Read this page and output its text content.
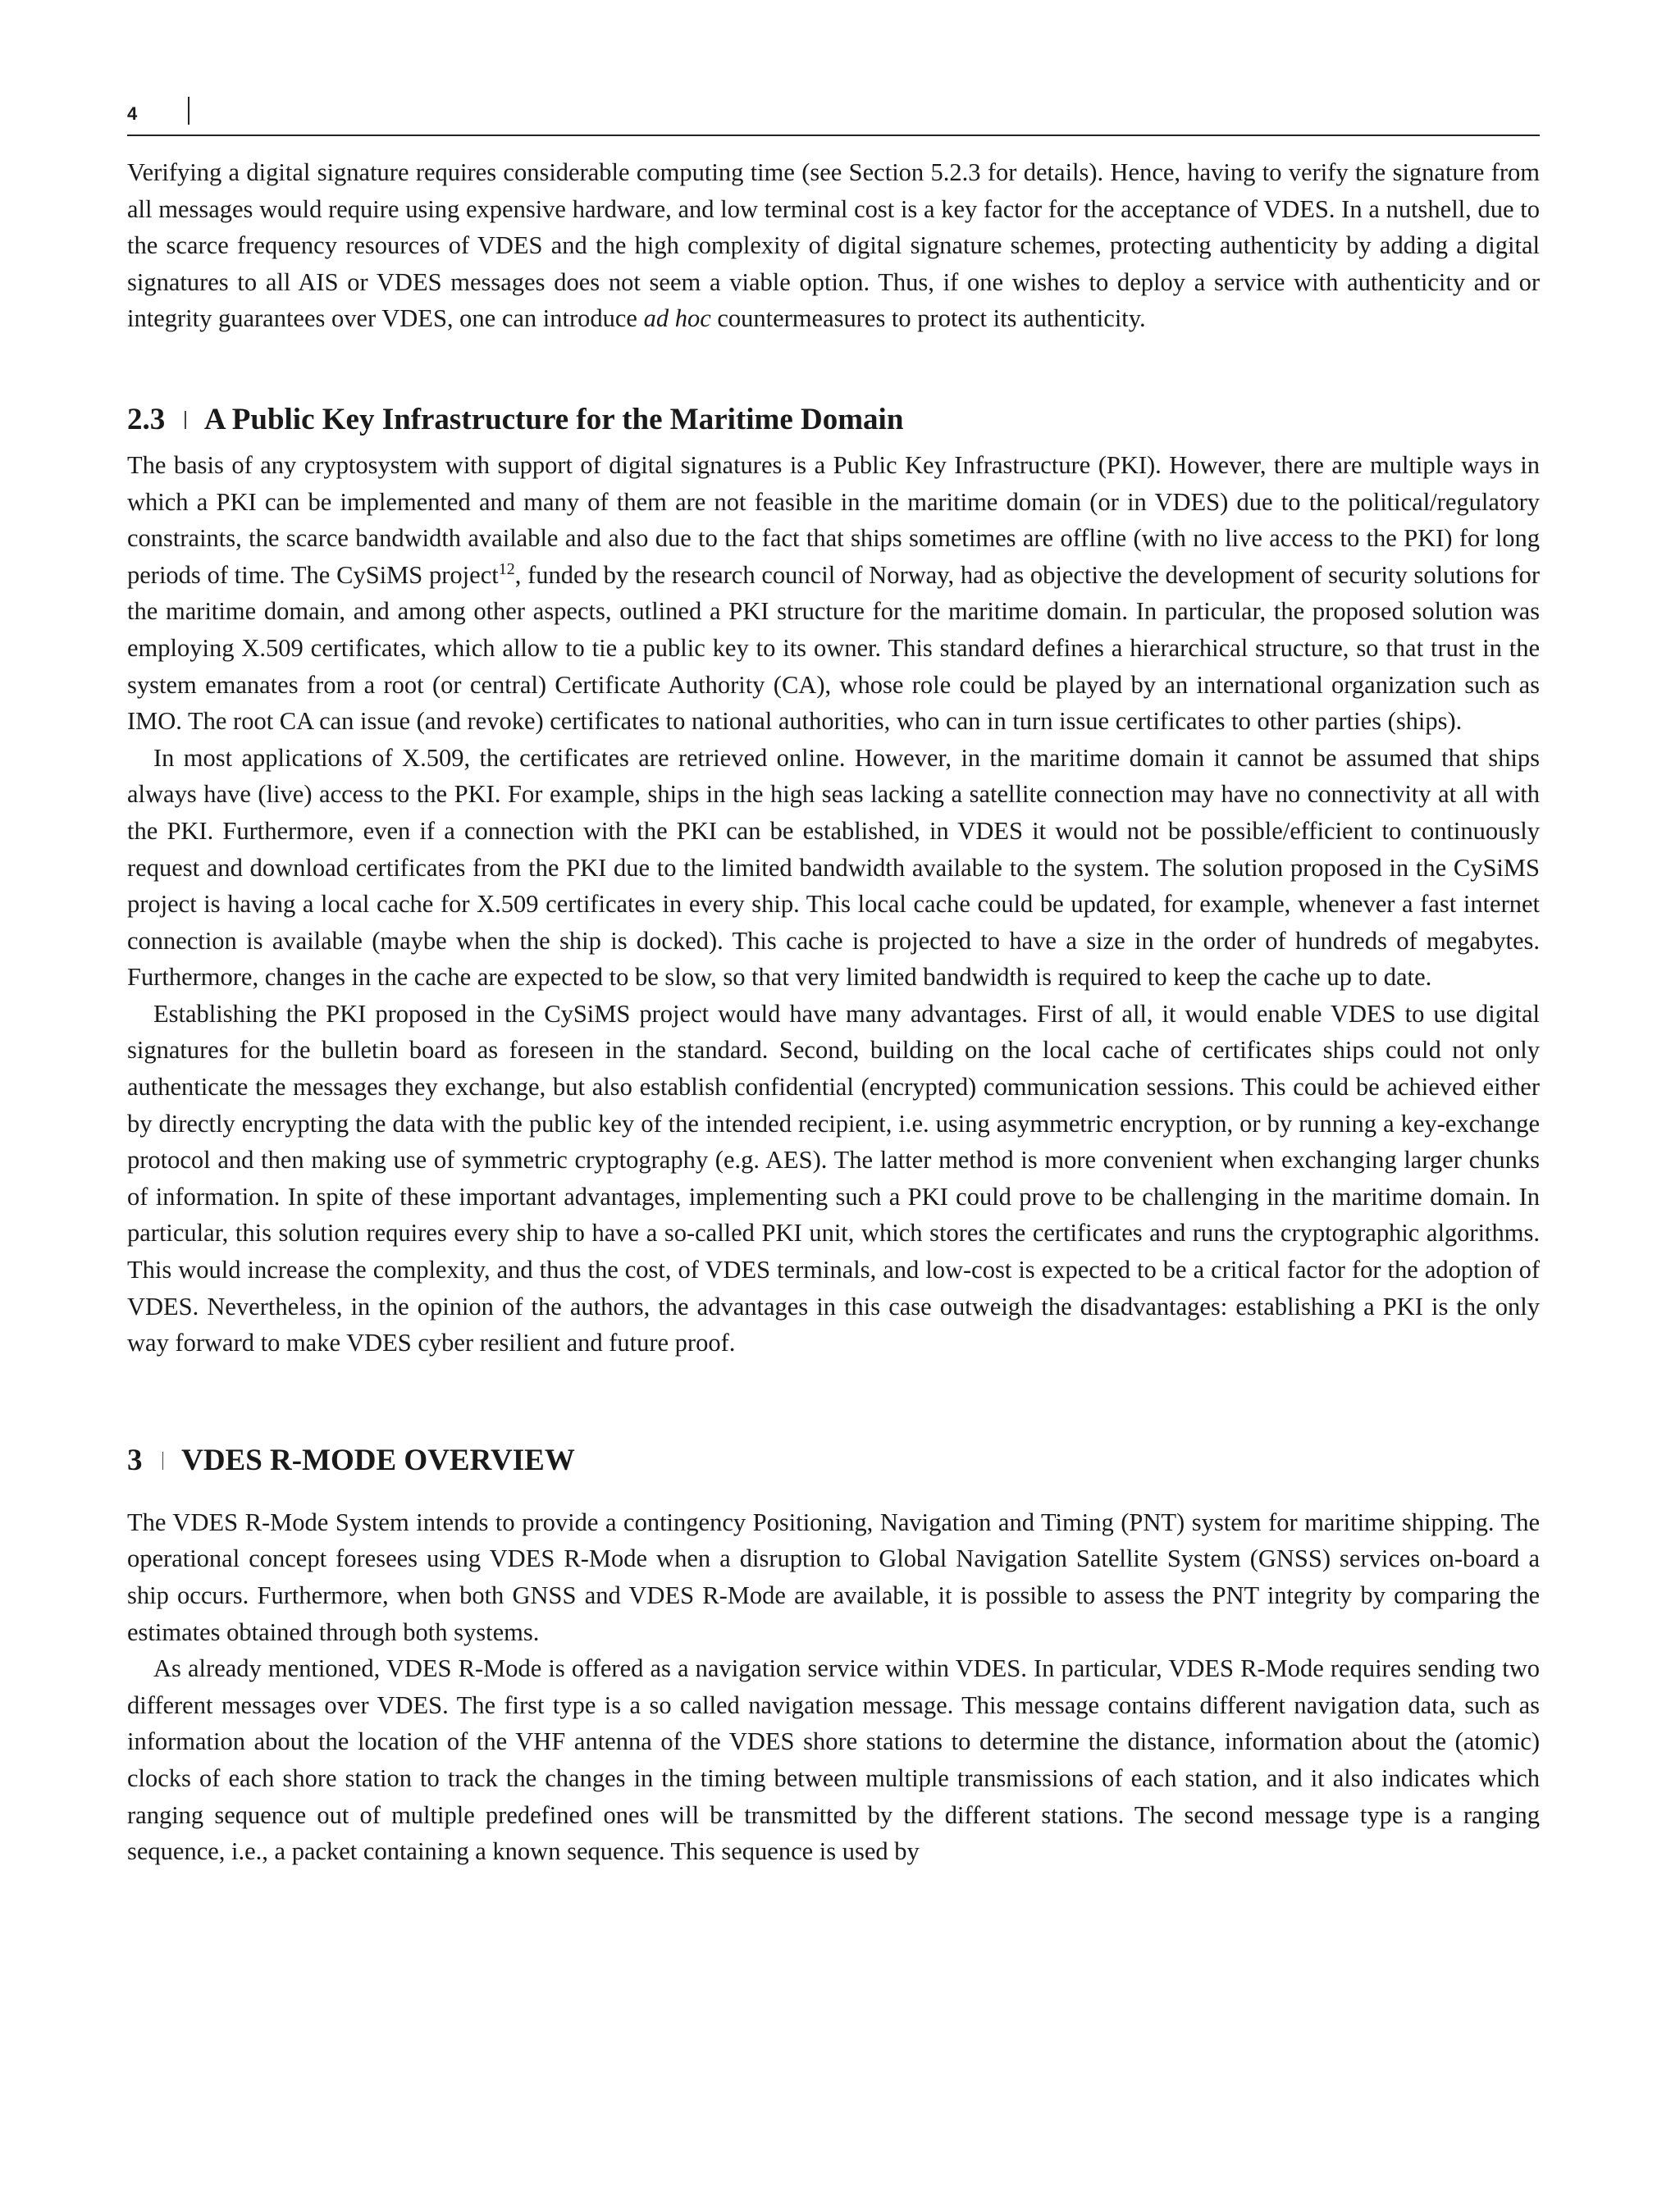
4

Verifying a digital signature requires considerable computing time (see Section 5.2.3 for details). Hence, having to verify the signature from all messages would require using expensive hardware, and low terminal cost is a key factor for the acceptance of VDES. In a nutshell, due to the scarce frequency resources of VDES and the high complexity of digital signature schemes, protecting authenticity by adding a digital signatures to all AIS or VDES messages does not seem a viable option. Thus, if one wishes to deploy a service with authenticity and or integrity guarantees over VDES, one can introduce ad hoc countermeasures to protect its authenticity.

2.3 A Public Key Infrastructure for the Maritime Domain

The basis of any cryptosystem with support of digital signatures is a Public Key Infrastructure (PKI). However, there are multiple ways in which a PKI can be implemented and many of them are not feasible in the maritime domain (or in VDES) due to the political/regulatory constraints, the scarce bandwidth available and also due to the fact that ships sometimes are offline (with no live access to the PKI) for long periods of time. The CySiMS project$^{12}$, funded by the research council of Norway, had as objective the development of security solutions for the maritime domain, and among other aspects, outlined a PKI structure for the maritime domain. In particular, the proposed solution was employing X.509 certificates, which allow to tie a public key to its owner. This standard defines a hierarchical structure, so that trust in the system emanates from a root (or central) Certificate Authority (CA), whose role could be played by an international organization such as IMO. The root CA can issue (and revoke) certificates to national authorities, who can in turn issue certificates to other parties (ships).

In most applications of X.509, the certificates are retrieved online. However, in the maritime domain it cannot be assumed that ships always have (live) access to the PKI. For example, ships in the high seas lacking a satellite connection may have no connectivity at all with the PKI. Furthermore, even if a connection with the PKI can be established, in VDES it would not be possible/efficient to continuously request and download certificates from the PKI due to the limited bandwidth available to the system. The solution proposed in the CySiMS project is having a local cache for X.509 certificates in every ship. This local cache could be updated, for example, whenever a fast internet connection is available (maybe when the ship is docked). This cache is projected to have a size in the order of hundreds of megabytes. Furthermore, changes in the cache are expected to be slow, so that very limited bandwidth is required to keep the cache up to date.

Establishing the PKI proposed in the CySiMS project would have many advantages. First of all, it would enable VDES to use digital signatures for the bulletin board as foreseen in the standard. Second, building on the local cache of certificates ships could not only authenticate the messages they exchange, but also establish confidential (encrypted) communication sessions. This could be achieved either by directly encrypting the data with the public key of the intended recipient, i.e. using asymmetric encryption, or by running a key-exchange protocol and then making use of symmetric cryptography (e.g. AES). The latter method is more convenient when exchanging larger chunks of information. In spite of these important advantages, implementing such a PKI could prove to be challenging in the maritime domain. In particular, this solution requires every ship to have a so-called PKI unit, which stores the certificates and runs the cryptographic algorithms. This would increase the complexity, and thus the cost, of VDES terminals, and low-cost is expected to be a critical factor for the adoption of VDES. Nevertheless, in the opinion of the authors, the advantages in this case outweigh the disadvantages: establishing a PKI is the only way forward to make VDES cyber resilient and future proof.

3 VDES R-MODE OVERVIEW

The VDES R-Mode System intends to provide a contingency Positioning, Navigation and Timing (PNT) system for maritime shipping. The operational concept foresees using VDES R-Mode when a disruption to Global Navigation Satellite System (GNSS) services on-board a ship occurs. Furthermore, when both GNSS and VDES R-Mode are available, it is possible to assess the PNT integrity by comparing the estimates obtained through both systems.

As already mentioned, VDES R-Mode is offered as a navigation service within VDES. In particular, VDES R-Mode requires sending two different messages over VDES. The first type is a so called navigation message. This message contains different navigation data, such as information about the location of the VHF antenna of the VDES shore stations to determine the distance, information about the (atomic) clocks of each shore station to track the changes in the timing between multiple transmissions of each station, and it also indicates which ranging sequence out of multiple predefined ones will be transmitted by the different stations. The second message type is a ranging sequence, i.e., a packet containing a known sequence. This sequence is used by
